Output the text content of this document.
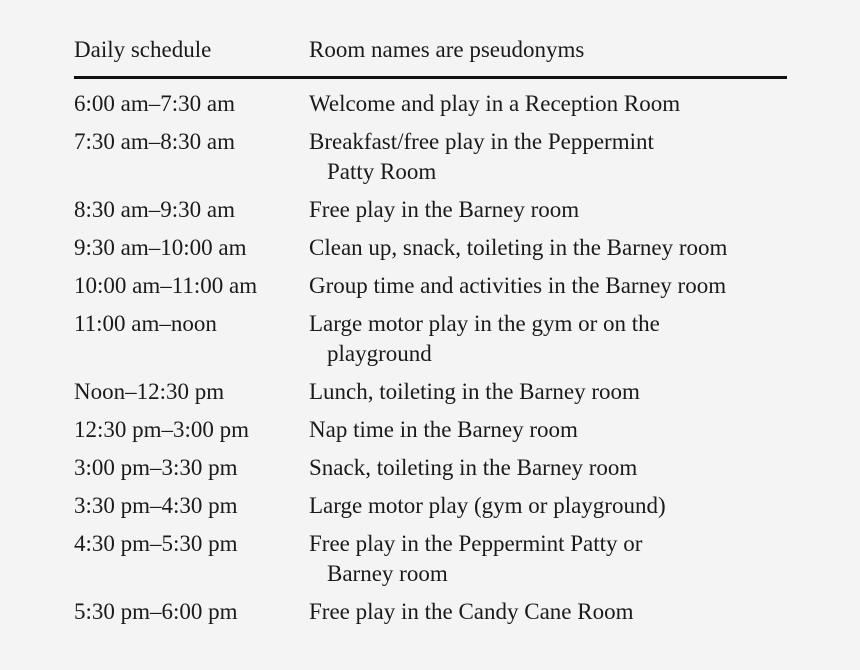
Daily schedule	Room names are pseudonyms
6:00 am–7:30 am	Welcome and play in a Reception Room
7:30 am–8:30 am	Breakfast/free play in the Peppermint
Patty Room
8:30 am–9:30 am	Free play in the Barney room
9:30 am–10:00 am	Clean up, snack, toileting in the Barney room
10:00 am–11:00 am Group time and activities in the Barney room
11:00 am–noon	Large motor play in the gym or on the
playground
Noon–12:30 pm	Lunch, toileting in the Barney room
12:30 pm–3:00 pm	Nap time in the Barney room
3:00 pm–3:30 pm	Snack, toileting in the Barney room
3:30 pm–4:30 pm	Large motor play (gym or playground)
4:30 pm–5:30 pm	Free play in the Peppermint Patty or
Barney room
5:30 pm–6:00 pm	Free play in the Candy Cane Room
